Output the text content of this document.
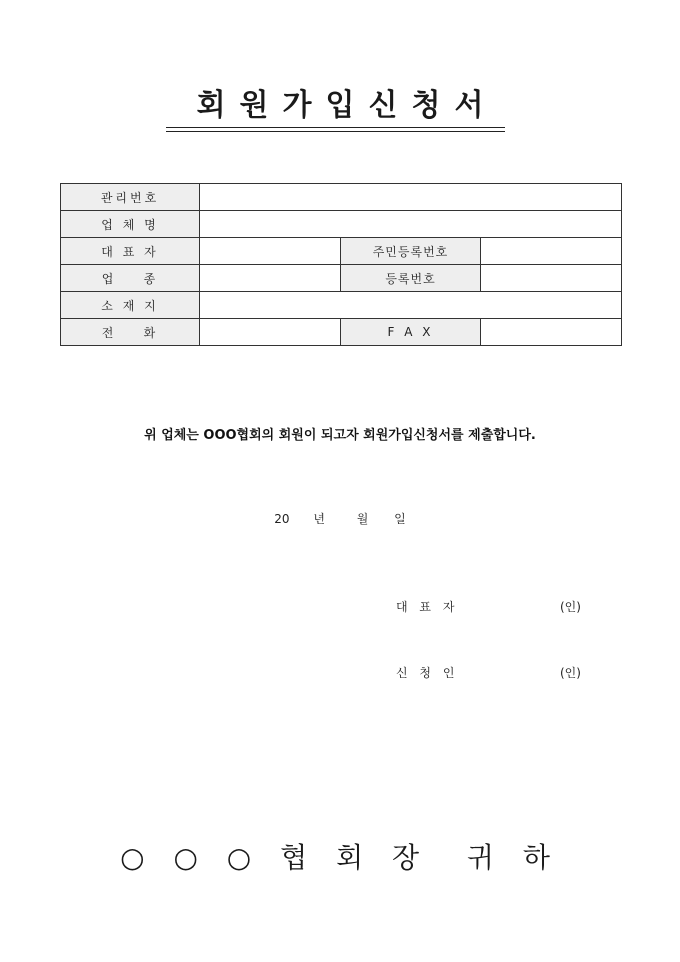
회원가입신청서
관리번호			
업 체 명			
대 표 자		주민등록번호	
업    종		등록번호	
소 재 지			
전    화		F A X	
위 업체는 OOO협회의 회원이 되고자 회원가입신청서를 제출합니다.
20 년	월 일
대 표 자	(인)
신 청 인	(인)
○ ○ ○ 협 회 장  귀 하
